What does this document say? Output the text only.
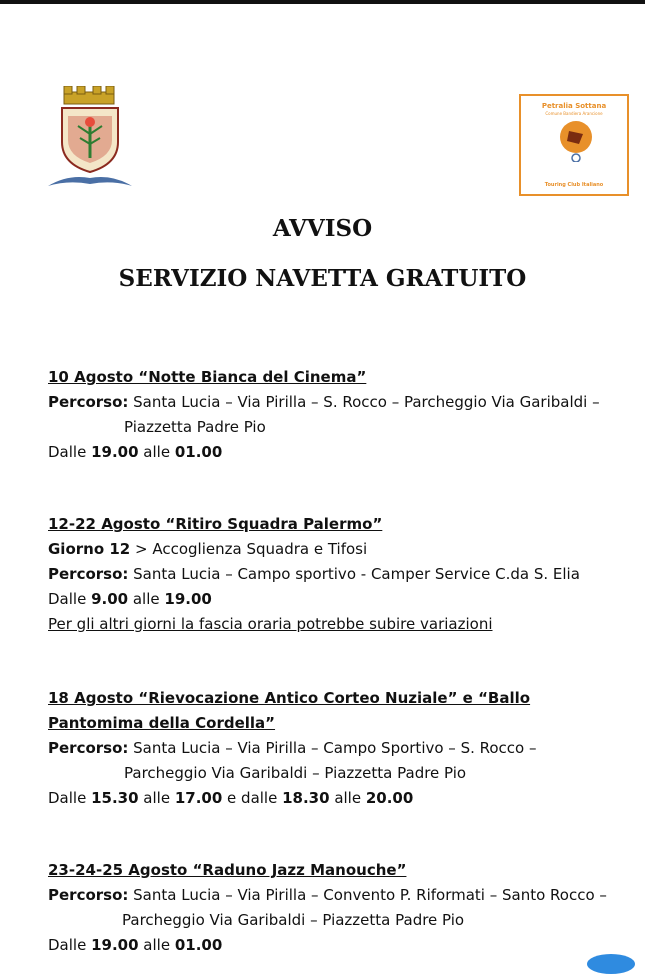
Petralia Sottana
Comune Bandiera Arancione
Touring Club Italiano
AVVISO
SERVIZIO NAVETTA GRATUITO
10 Agosto “Notte Bianca del Cinema”
Percorso: Santa Lucia – Via Pirilla – S. Rocco – Parcheggio Via Garibaldi –
Piazzetta Padre Pio
Dalle 19.00 alle 01.00
12-22 Agosto “Ritiro Squadra Palermo”
Giorno 12 > Accoglienza Squadra e Tifosi
Percorso: Santa Lucia – Campo sportivo - Camper Service C.da S. Elia
Dalle 9.00 alle 19.00
Per gli altri giorni la fascia oraria potrebbe subire variazioni
18 Agosto “Rievocazione Antico Corteo Nuziale” e “Ballo
Pantomima della Cordella”
Percorso: Santa Lucia – Via Pirilla – Campo Sportivo – S. Rocco –
Parcheggio Via Garibaldi – Piazzetta Padre Pio
Dalle 15.30 alle 17.00 e dalle 18.30 alle 20.00
23-24-25 Agosto “Raduno Jazz Manouche”
Percorso: Santa Lucia – Via Pirilla – Convento P. Riformati – Santo Rocco –
Parcheggio Via Garibaldi – Piazzetta Padre Pio
Dalle 19.00 alle 01.00
